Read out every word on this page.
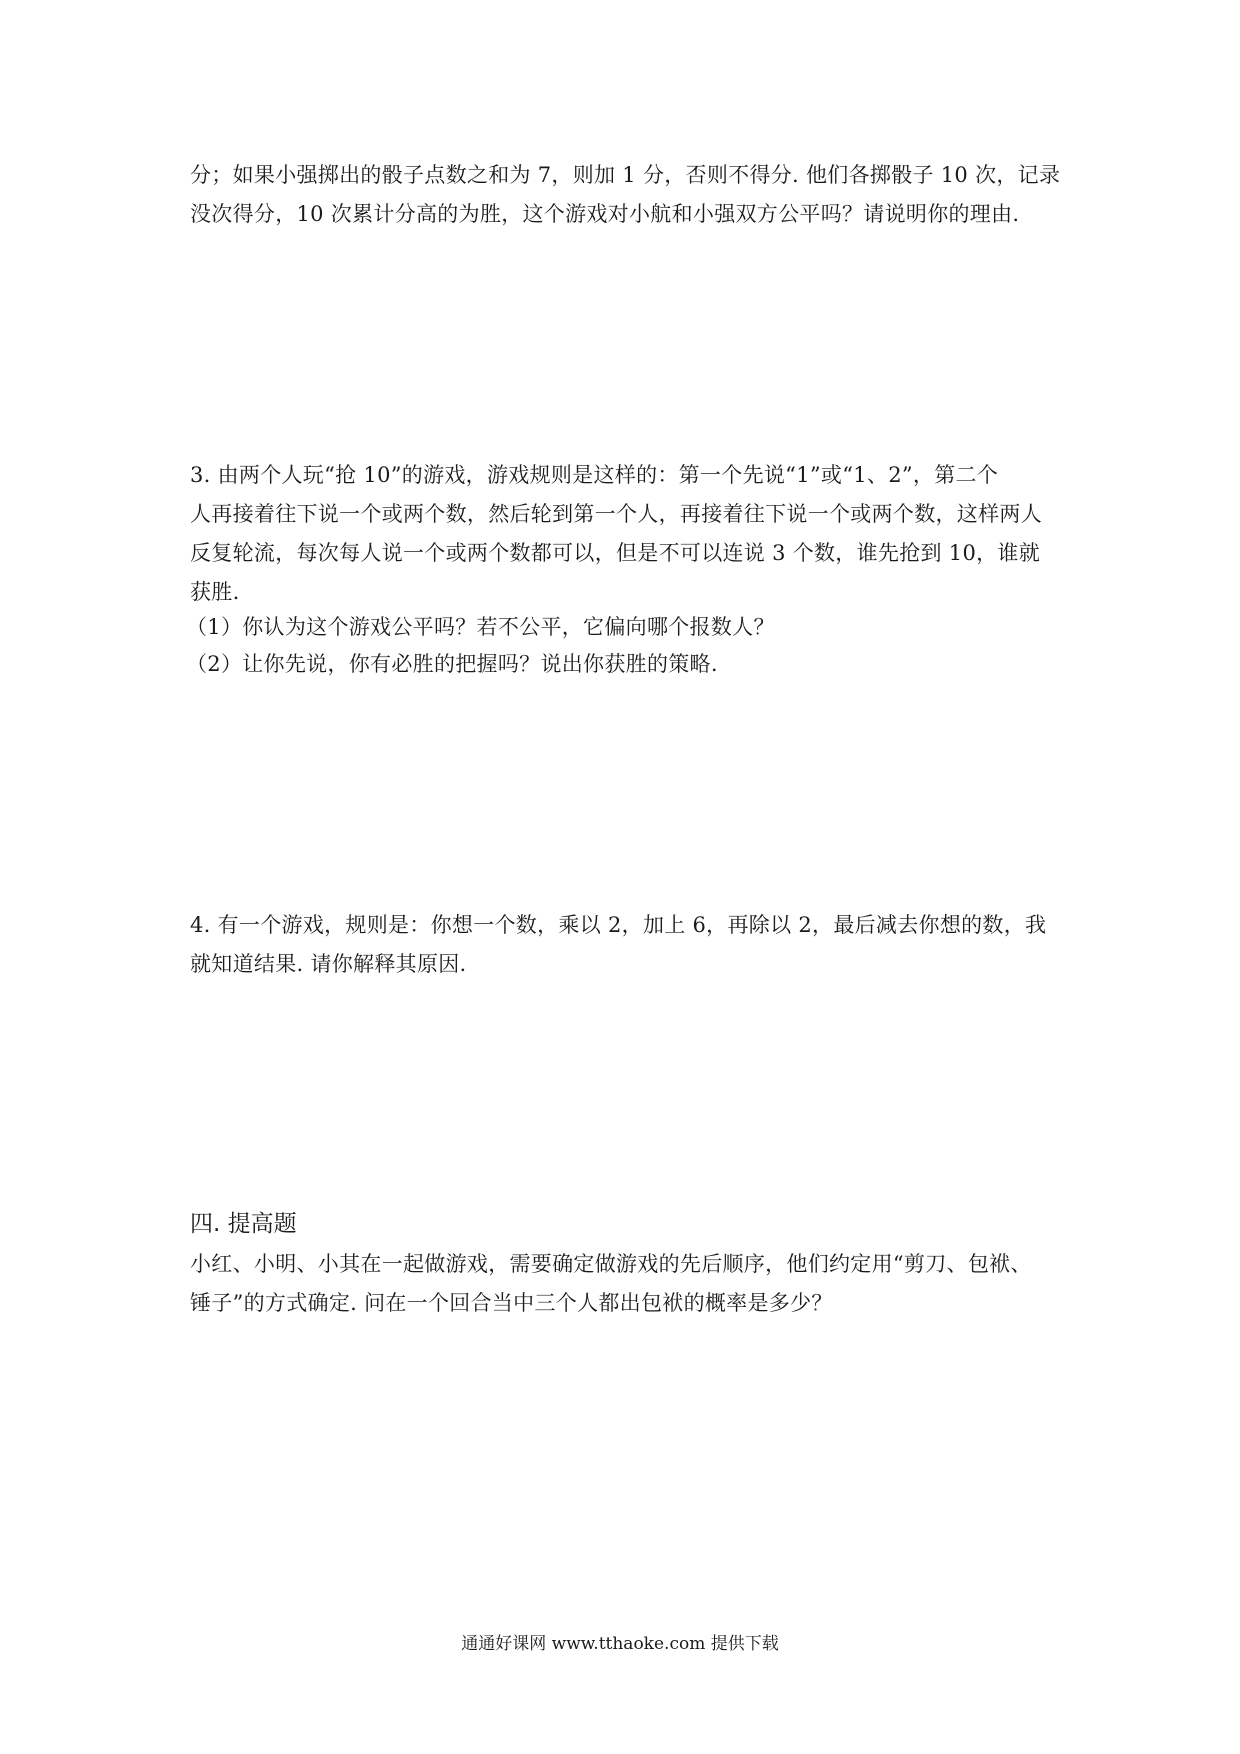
分；如果小强掷出的骰子点数之和为 7，则加 1 分，否则不得分. 他们各掷骰子 10 次，记录
没次得分，10 次累计分高的为胜，这个游戏对小航和小强双方公平吗？请说明你的理由.
3. 由两个人玩“抢 10”的游戏，游戏规则是这样的：第一个先说“1”或“1、2”，第二个
人再接着往下说一个或两个数，然后轮到第一个人，再接着往下说一个或两个数，这样两人
反复轮流，每次每人说一个或两个数都可以，但是不可以连说 3 个数，谁先抢到 10，谁就
获胜.
（1）你认为这个游戏公平吗？若不公平，它偏向哪个报数人？
（2）让你先说，你有必胜的把握吗？说出你获胜的策略.
4. 有一个游戏，规则是：你想一个数，乘以 2，加上 6，再除以 2，最后减去你想的数，我
就知道结果. 请你解释其原因.
四. 提高题
小红、小明、小其在一起做游戏，需要确定做游戏的先后顺序，他们约定用“剪刀、包袱、
锤子”的方式确定. 问在一个回合当中三个人都出包袱的概率是多少？
通通好课网 www.tthaoke.com 提供下载
